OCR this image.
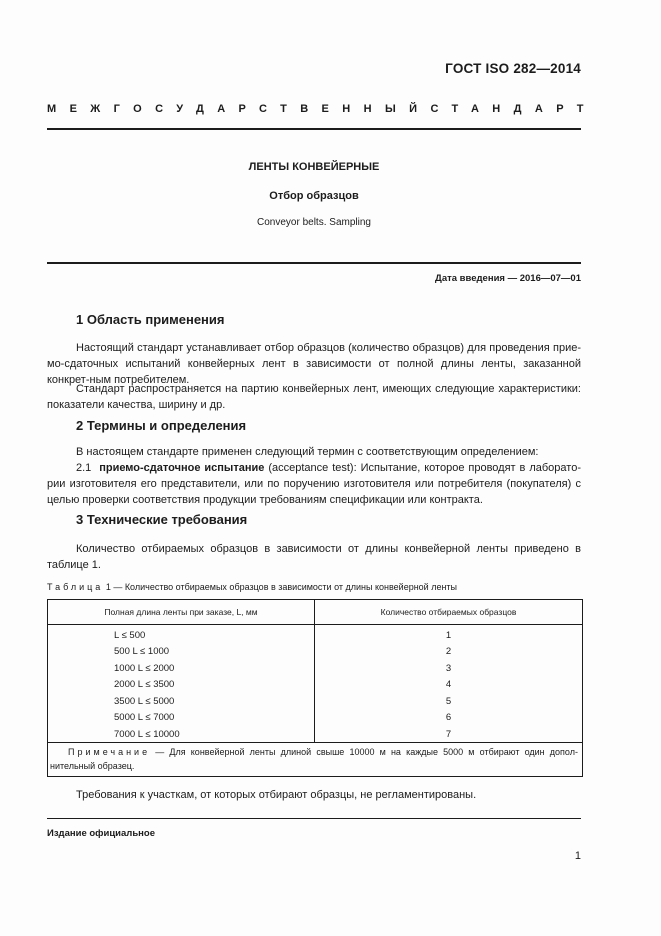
ГОСТ ISO 282—2014
МЕЖГОСУДАРСТВЕННЫЙ СТАНДАРТ
ЛЕНТЫ КОНВЕЙЕРНЫЕ
Отбор образцов
Conveyor belts. Sampling
Дата введения — 2016—07—01
1 Область применения
Настоящий стандарт устанавливает отбор образцов (количество образцов) для проведения прие-мо-сдаточных испытаний конвейерных лент в зависимости от полной длины ленты, заказанной конкрет-ным потребителем.
Стандарт распространяется на партию конвейерных лент, имеющих следующие характеристики: показатели качества, ширину и др.
2 Термины и определения
В настоящем стандарте применен следующий термин с соответствующим определением:
2.1 приемо-сдаточное испытание (acceptance test): Испытание, которое проводят в лаборато-рии изготовителя его представители, или по поручению изготовителя или потребителя (покупателя) с целью проверки соответствия продукции требованиям спецификации или контракта.
3 Технические требования
Количество отбираемых образцов в зависимости от длины конвейерной ленты приведено в таблице 1.
Таблица 1 — Количество отбираемых образцов в зависимости от длины конвейерной ленты
Полная длина ленты при заказе, L, мм	Количество отбираемых образцов
L ≤ 500	1
500 L ≤ 1000	2
1000 L ≤ 2000	3
2000 L ≤ 3500	4
3500 L ≤ 5000	5
5000 L ≤ 7000	6
7000 L ≤ 10000	7
Примечание — Для конвейерной ленты длиной свыше 10000 м на каждые 5000 м отбирают один допол-нительный образец.	
Требования к участкам, от которых отбирают образцы, не регламентированы.
Издание официальное
1
